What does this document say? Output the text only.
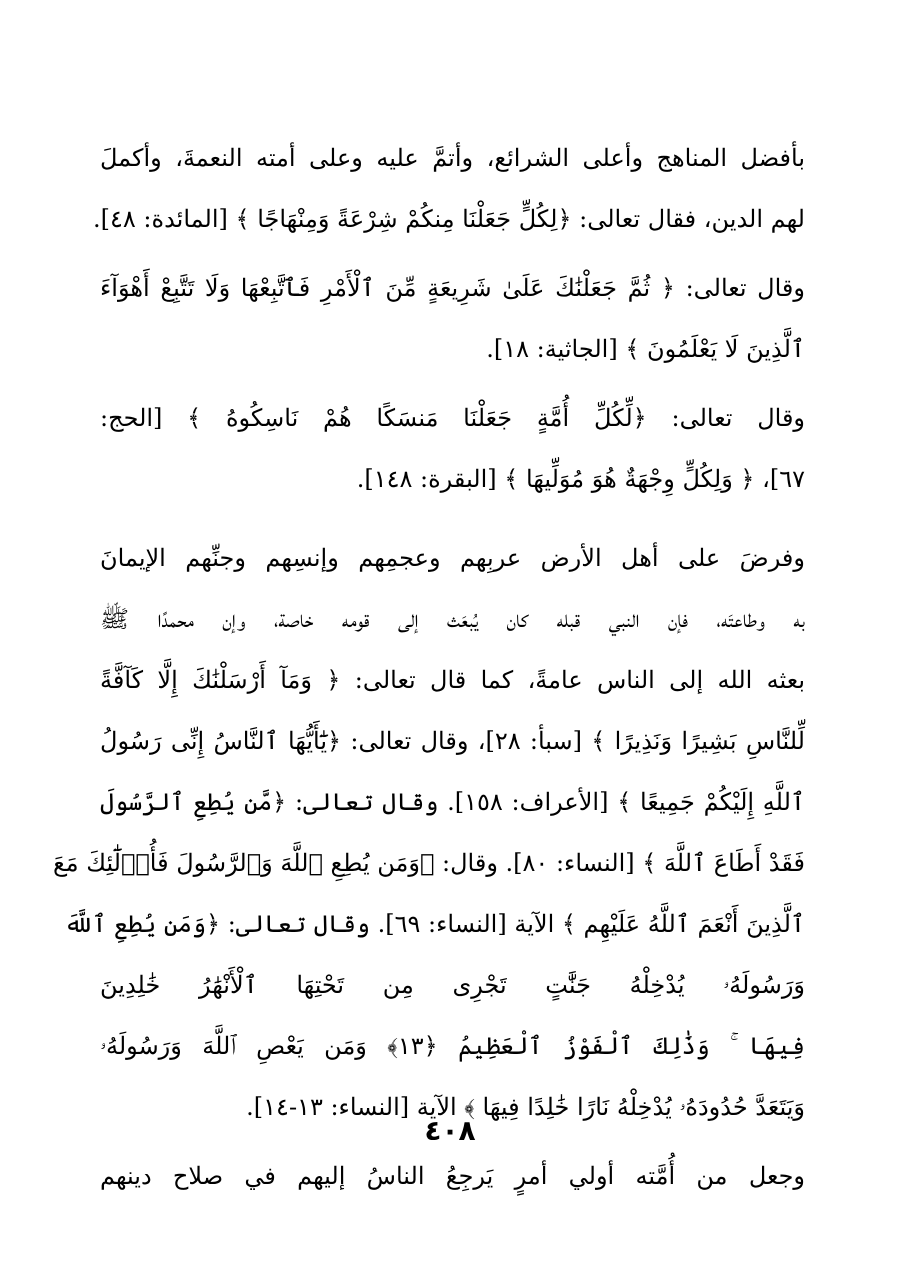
بأفضل المناهج وأعلى الشرائع، وأتمَّ عليه وعلى أمته النعمةَ، وأكملَ
لهم الدين، فقال تعالى: ﴿لِكُلٍّ جَعَلْنَا مِنكُمْ شِرْعَةً وَمِنْهَاجًا ﴾ [المائدة: ٤٨].
وقال تعالى: ﴿ ثُمَّ جَعَلْنَٰكَ عَلَىٰ شَرِيعَةٍ مِّنَ ٱلْأَمْرِ فَٱتَّبِعْهَا وَلَا تَتَّبِعْ أَهْوَآءَ
ٱلَّذِينَ لَا يَعْلَمُونَ ﴾ [الجاثية: ١٨].
وقال تعالى: ﴿لِّكُلِّ أُمَّةٍ جَعَلْنَا مَنسَكًا هُمْ نَاسِكُوهُ ﴾ [الحج:
٦٧]، ﴿ وَلِكُلٍّ وِجْهَةٌ هُوَ مُوَلِّيهَا ﴾ [البقرة: ١٤٨].
وفرضَ على أهل الأرض عربِهم وعجمِهم وإنسِهم وجنِّهم الإيمانَ
به وطاعتَه، فإن النبي قبله كان يُبعَث إلى قومه خاصة، وإن محمدًا ﷺ
بعثه الله إلى الناس عامةً، كما قال تعالى: ﴿ وَمَآ أَرْسَلْنَٰكَ إِلَّا كَآفَّةً
لِّلنَّاسِ بَشِيرًا وَنَذِيرًا ﴾ [سبأ: ٢٨]، وقال تعالى: ﴿يَٰٓأَيُّهَا ٱلنَّاسُ إِنِّى رَسُولُ
ٱللَّهِ إِلَيْكُمْ جَمِيعًا ﴾ [الأعراف: ١٥٨]. وقال تعالى: ﴿مَّن يُطِعِ ٱلرَّسُولَ
فَقَدْ أَطَاعَ ٱللَّهَ ﴾ [النساء: ٨٠]. وقال: ﴿وَمَن يُطِعِ ٱللَّهَ وَٱلرَّسُولَ فَأُو۟لَٰٓئِكَ مَعَ
ٱلَّذِينَ أَنْعَمَ ٱللَّهُ عَلَيْهِم ﴾ الآية [النساء: ٦٩]. وقال تعالى: ﴿وَمَن يُطِعِ ٱللَّهَ
وَرَسُولَهُۥ يُدْخِلْهُ جَنَّٰتٍ تَجْرِى مِن تَحْتِهَا ٱلْأَنْهَٰرُ خَٰلِدِينَ
فِيهَا ۚ وَذَٰلِكَ ٱلْفَوْزُ ٱلْعَظِيمُ ﴿١٣﴾ وَمَن يَعْصِ ٱللَّهَ وَرَسُولَهُۥ
وَيَتَعَدَّ حُدُودَهُۥ يُدْخِلْهُ نَارًا خَٰلِدًا فِيهَا ﴾ الآية [النساء: ١٣-١٤].
وجعل من أُمَّته أولي أمرٍ يَرجِعُ الناسُ إليهم في صلاح دينهم
٤٠٨
